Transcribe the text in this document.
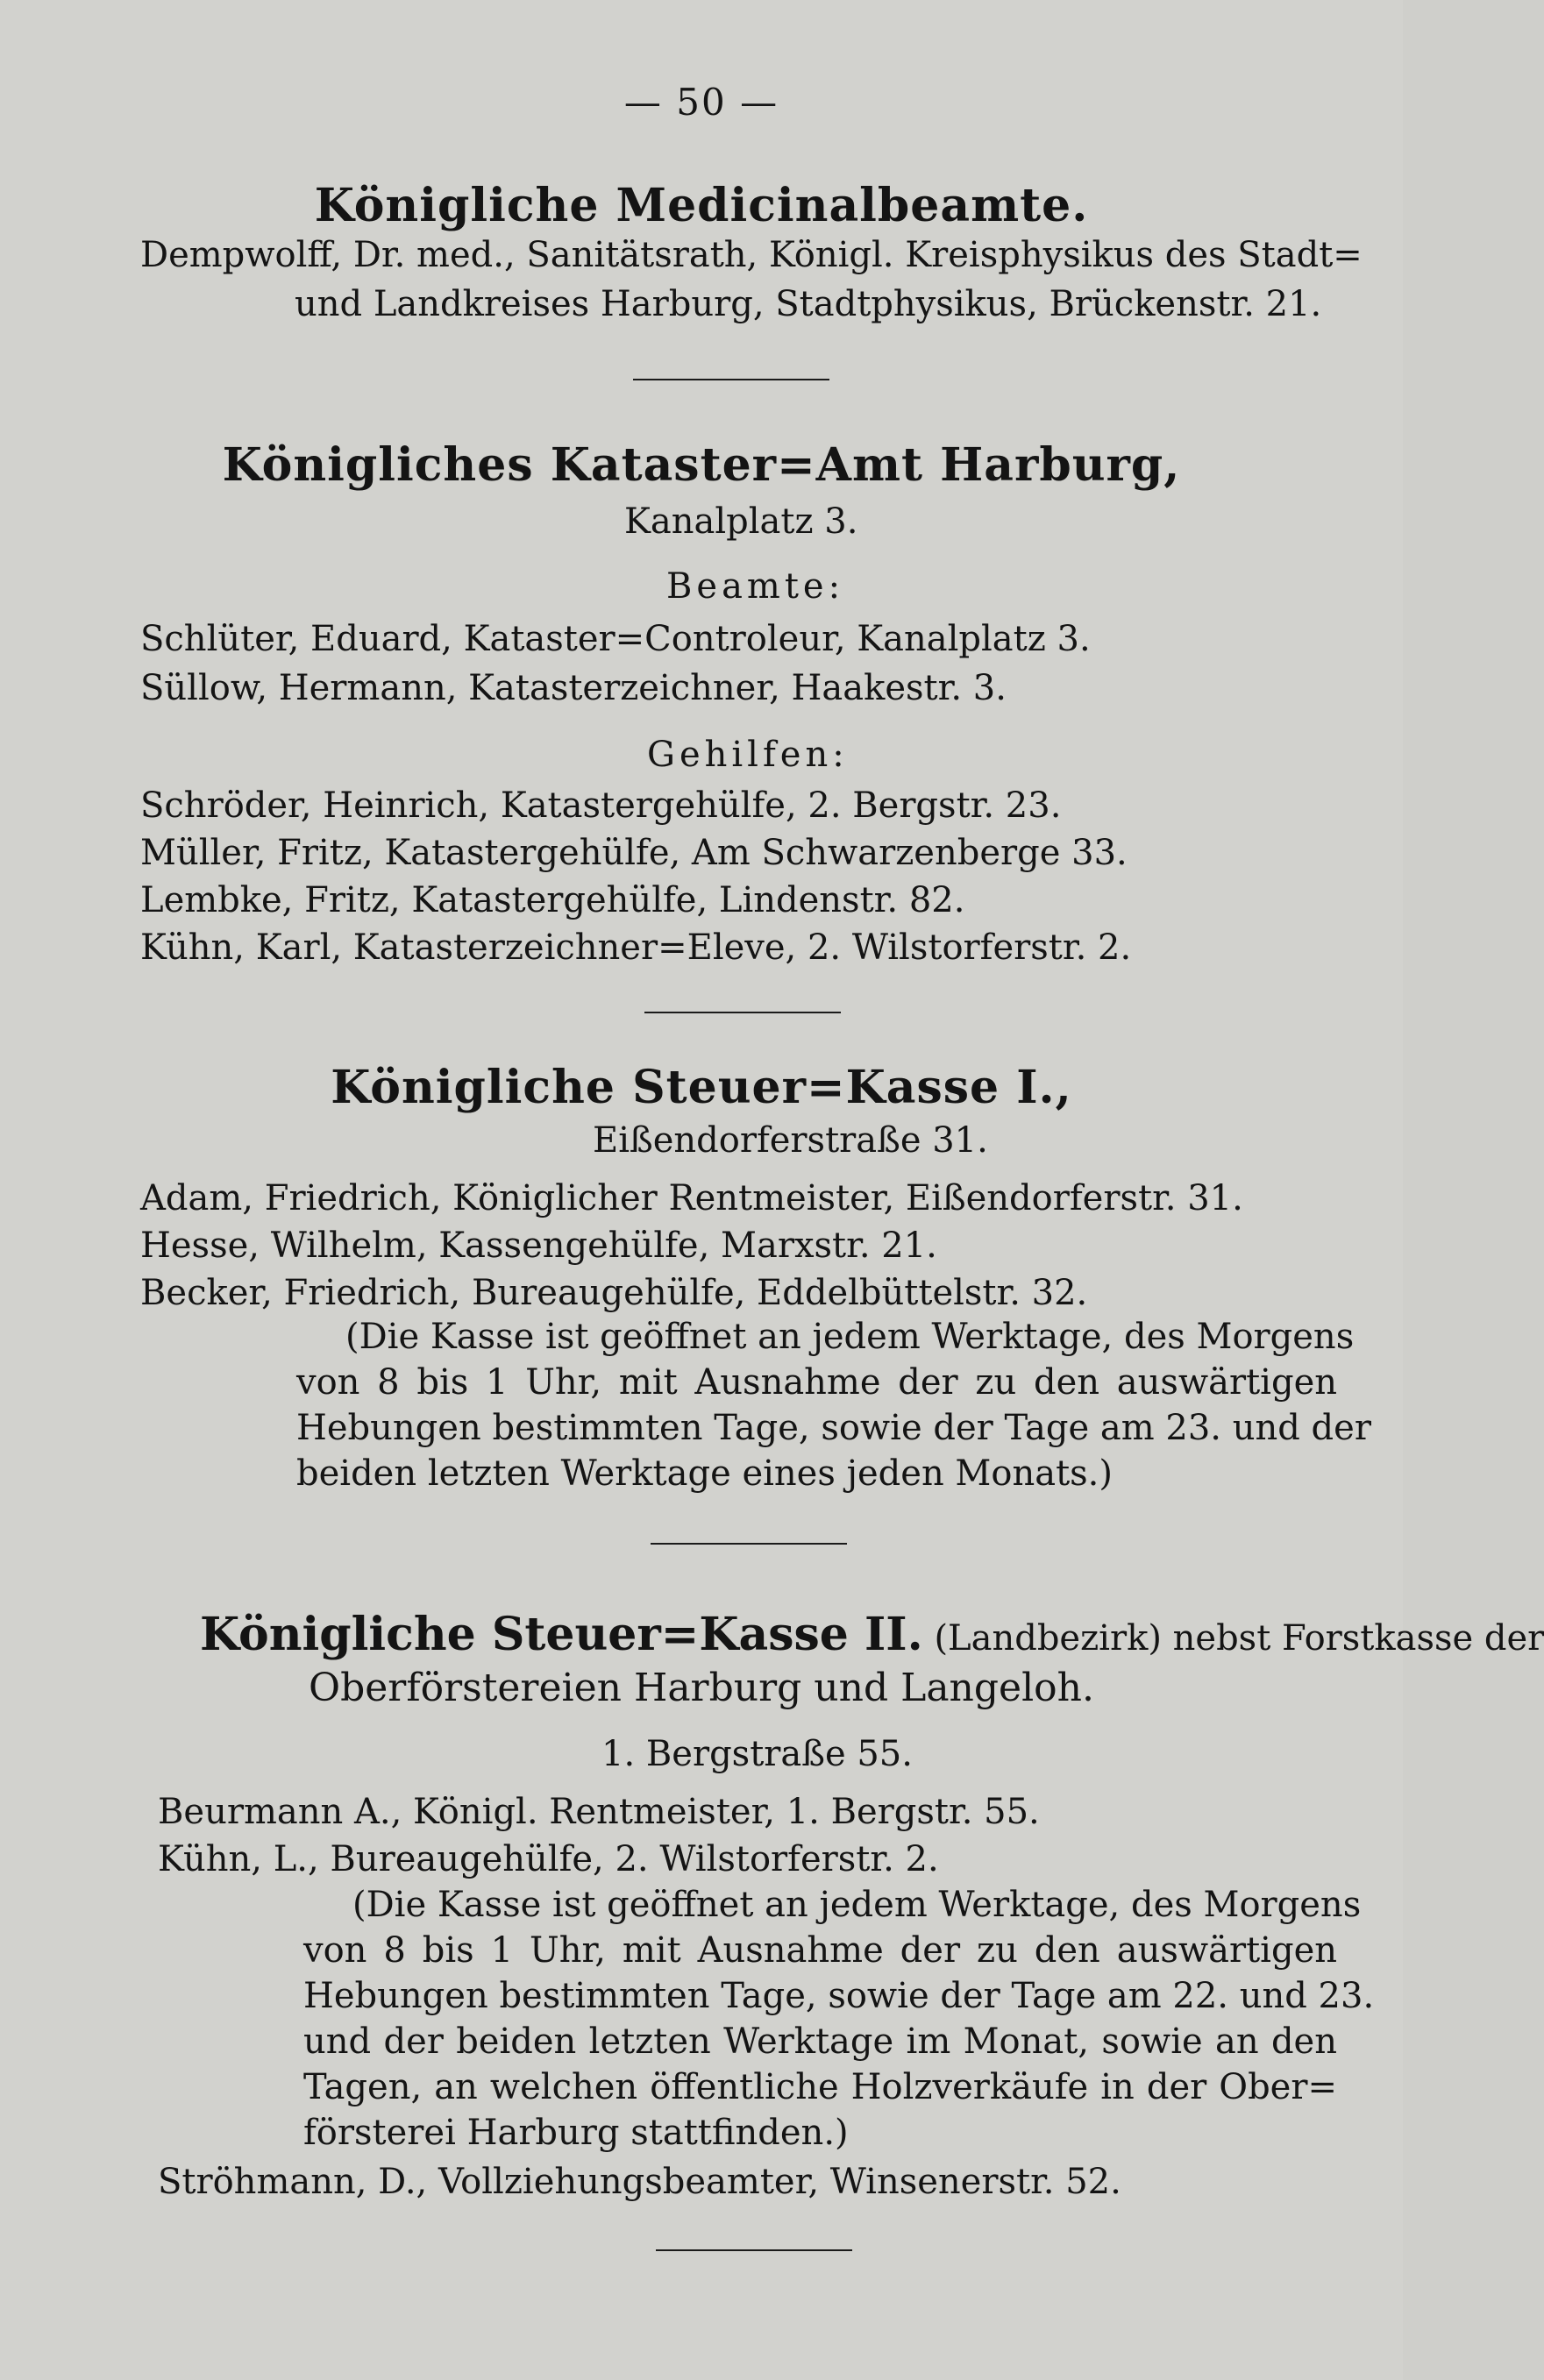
— 50 —
Königliche Medicinalbeamte.
Dempwolff, Dr. med., Sanitätsrath, Königl. Kreisphysikus des Stadt=
und Landkreises Harburg, Stadtphysikus, Brückenstr. 21.
Königliches Kataster=Amt Harburg,
Kanalplatz 3.
Beamte:
Schlüter, Eduard, Kataster=Controleur, Kanalplatz 3.
Süllow, Hermann, Katasterzeichner, Haakestr. 3.
Gehilfen:
Schröder, Heinrich, Katastergehülfe, 2. Bergstr. 23.
Müller, Fritz, Katastergehülfe, Am Schwarzenberge 33.
Lembke, Fritz, Katastergehülfe, Lindenstr. 82.
Kühn, Karl, Katasterzeichner=Eleve, 2. Wilstorferstr. 2.
Königliche Steuer=Kasse I.,
Eißendorferstraße 31.
Adam, Friedrich, Königlicher Rentmeister, Eißendorferstr. 31.
Hesse, Wilhelm, Kassengehülfe, Marxstr. 21.
Becker, Friedrich, Bureaugehülfe, Eddelbüttelstr. 32.
(Die Kasse ist geöffnet an jedem Werktage, des Morgens
von 8 bis 1 Uhr, mit Ausnahme der zu den auswärtigen
Hebungen bestimmten Tage, sowie der Tage am 23. und der
beiden letzten Werktage eines jeden Monats.)
Königliche Steuer=Kasse II. (Landbezirk) nebst Forstkasse der
Oberförstereien Harburg und Langeloh.
1. Bergstraße 55.
Beurmann A., Königl. Rentmeister, 1. Bergstr. 55.
Kühn, L., Bureaugehülfe, 2. Wilstorferstr. 2.
(Die Kasse ist geöffnet an jedem Werktage, des Morgens
von 8 bis 1 Uhr, mit Ausnahme der zu den auswärtigen
Hebungen bestimmten Tage, sowie der Tage am 22. und 23.
und der beiden letzten Werktage im Monat, sowie an den
Tagen, an welchen öffentliche Holzverkäufe in der Ober=
försterei Harburg stattfinden.)
Ströhmann, D., Vollziehungsbeamter, Winsenerstr. 52.
